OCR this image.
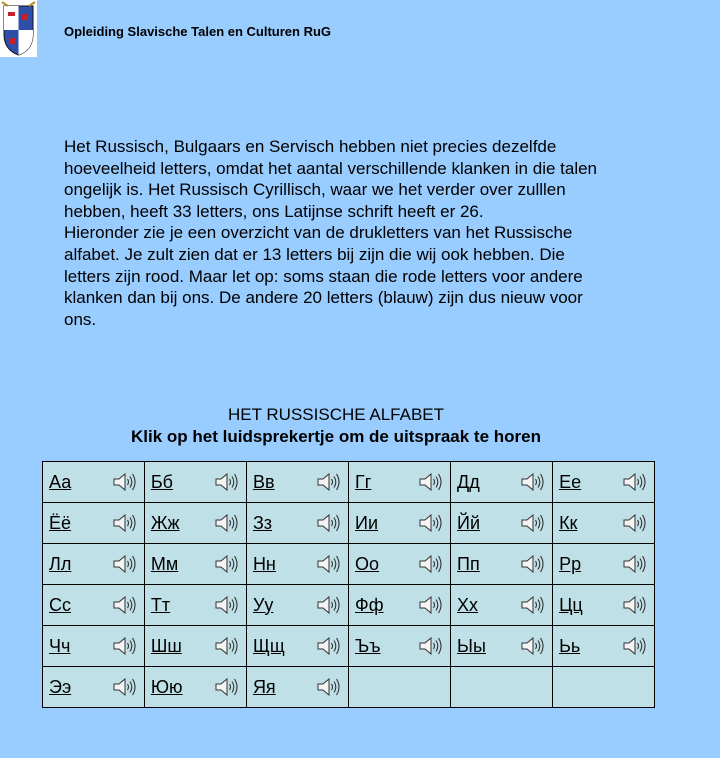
Opleiding Slavische Talen en Culturen RuG

Het Russisch, Bulgaars en Servisch hebben niet precies dezelfde

hoeveelheid letters, omdat het aantal verschillende klanken in die talen

ongelijk is. Het Russisch Cyrillisch, waar we het verder over zulllen

hebben, heeft 33 letters, ons Latijnse schrift heeft er 26.

Hieronder zie je een overzicht van de drukletters van het Russische

alfabet. Je zult zien dat er 13 letters bij zijn die wij ook hebben. Die

letters zijn rood. Maar let op: soms staan die rode letters voor andere

klanken dan bij ons. De andere 20 letters (blauw) zijn dus nieuw voor

ons.

HET RUSSISCHE ALFABET
Klik op het luidsprekertje om de uitspraak te horen
Аа	Бб	Вв	Гг	Дд	Ее

Ёё	Жж	Зз	Ии	Йй	Кк

Лл	Мм	Нн	Оо	Пп	Рр

Сс	Тт	Уу	Фф	Хх	Цц

Чч	Шш	Щщ	Ъъ	Ыы	Ьь

Ээ	Юю	Яя			
